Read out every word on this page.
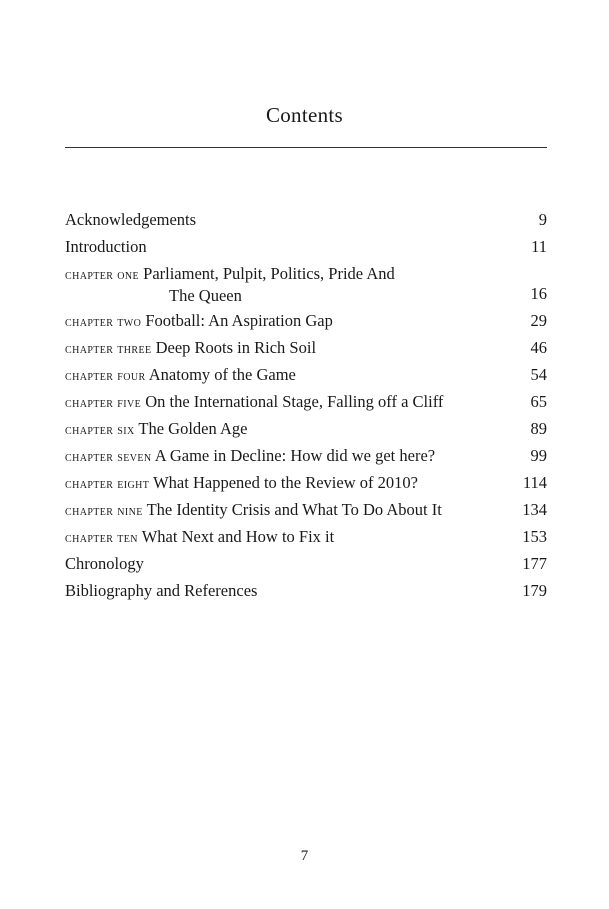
Contents
Acknowledgements	9
Introduction	11
chapter one Parliament, Pulpit, Politics, Pride And
The Queen	16
chapter two Football: An Aspiration Gap	29
chapter three Deep Roots in Rich Soil	46
chapter four Anatomy of the Game	54
chapter five On the International Stage, Falling off a Cliff	65
chapter six The Golden Age	89
chapter seven A Game in Decline: How did we get here?	99
chapter eight What Happened to the Review of 2010?	114
chapter nine The Identity Crisis and What To Do About It	134
chapter ten What Next and How to Fix it	153
Chronology	177
Bibliography and References	179
7
